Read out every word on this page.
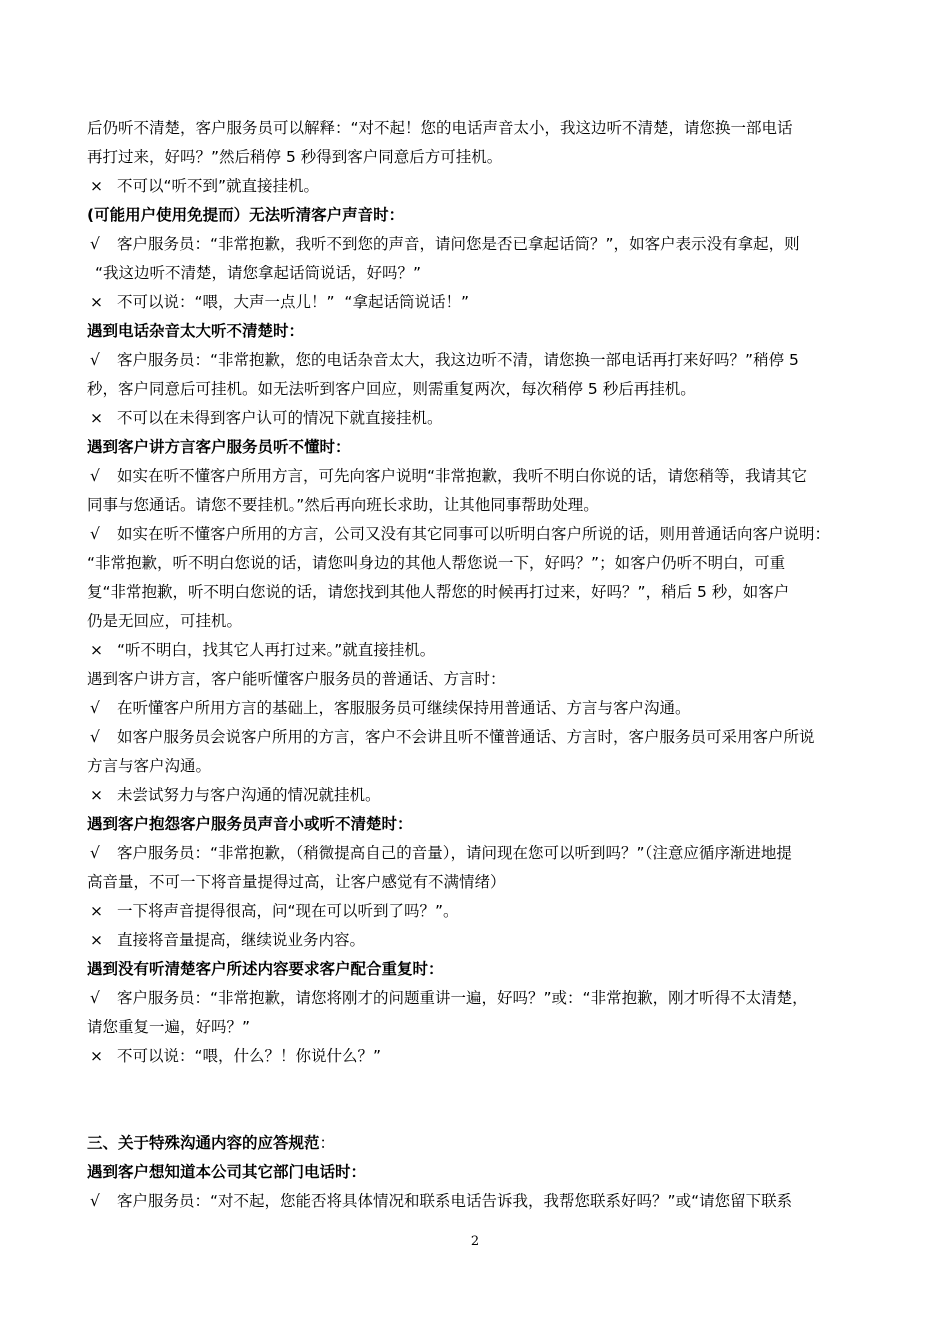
后仍听不清楚，客户服务员可以解释：“对不起！您的电话声音太小，我这边听不清楚，请您换一部电话
再打过来，好吗？”然后稍停 5 秒得到客户同意后方可挂机。
× 不可以“听不到”就直接挂机。
(可能用户使用免提而）无法听清客户声音时：
√ 客户服务员：“非常抱歉，我听不到您的声音，请问您是否已拿起话筒？”，如客户表示没有拿起，则
“我这边听不清楚，请您拿起话筒说话，好吗？”
× 不可以说：“喂，大声一点儿！”  “拿起话筒说话！”
遇到电话杂音太大听不清楚时：
√ 客户服务员：“非常抱歉，您的电话杂音太大，我这边听不清，请您换一部电话再打来好吗？”稍停 5
秒，客户同意后可挂机。如无法听到客户回应，则需重复两次，每次稍停 5 秒后再挂机。
× 不可以在未得到客户认可的情况下就直接挂机。
遇到客户讲方言客户服务员听不懂时：
√ 如实在听不懂客户所用方言，可先向客户说明“非常抱歉，我听不明白你说的话，请您稍等，我请其它
同事与您通话。请您不要挂机。”然后再向班长求助，让其他同事帮助处理。
√ 如实在听不懂客户所用的方言，公司又没有其它同事可以听明白客户所说的话，则用普通话向客户说明：
“非常抱歉，听不明白您说的话，请您叫身边的其他人帮您说一下，好吗？”；如客户仍听不明白，可重
复“非常抱歉，听不明白您说的话，请您找到其他人帮您的时候再打过来，好吗？”，稍后 5 秒，如客户
仍是无回应，可挂机。
× “听不明白，找其它人再打过来。”就直接挂机。
遇到客户讲方言，客户能听懂客户服务员的普通话、方言时：
√ 在听懂客户所用方言的基础上，客服服务员可继续保持用普通话、方言与客户沟通。
√ 如客户服务员会说客户所用的方言，客户不会讲且听不懂普通话、方言时，客户服务员可采用客户所说
方言与客户沟通。
× 未尝试努力与客户沟通的情况就挂机。
遇到客户抱怨客户服务员声音小或听不清楚时：
√ 客户服务员：“非常抱歉，（稍微提高自己的音量），请问现在您可以听到吗？”（注意应循序渐进地提
高音量，不可一下将音量提得过高，让客户感觉有不满情绪）
× 一下将声音提得很高，问“现在可以听到了吗？”。
× 直接将音量提高，继续说业务内容。
遇到没有听清楚客户所述内容要求客户配合重复时：
√ 客户服务员：“非常抱歉，请您将刚才的问题重讲一遍，好吗？”或：“非常抱歉，刚才听得不太清楚，
请您重复一遍，好吗？”
× 不可以说：“喂，什么？！你说什么？”
三、关于特殊沟通内容的应答规范：
遇到客户想知道本公司其它部门电话时：
√ 客户服务员：“对不起，您能否将具体情况和联系电话告诉我，我帮您联系好吗？”或“请您留下联系
2
